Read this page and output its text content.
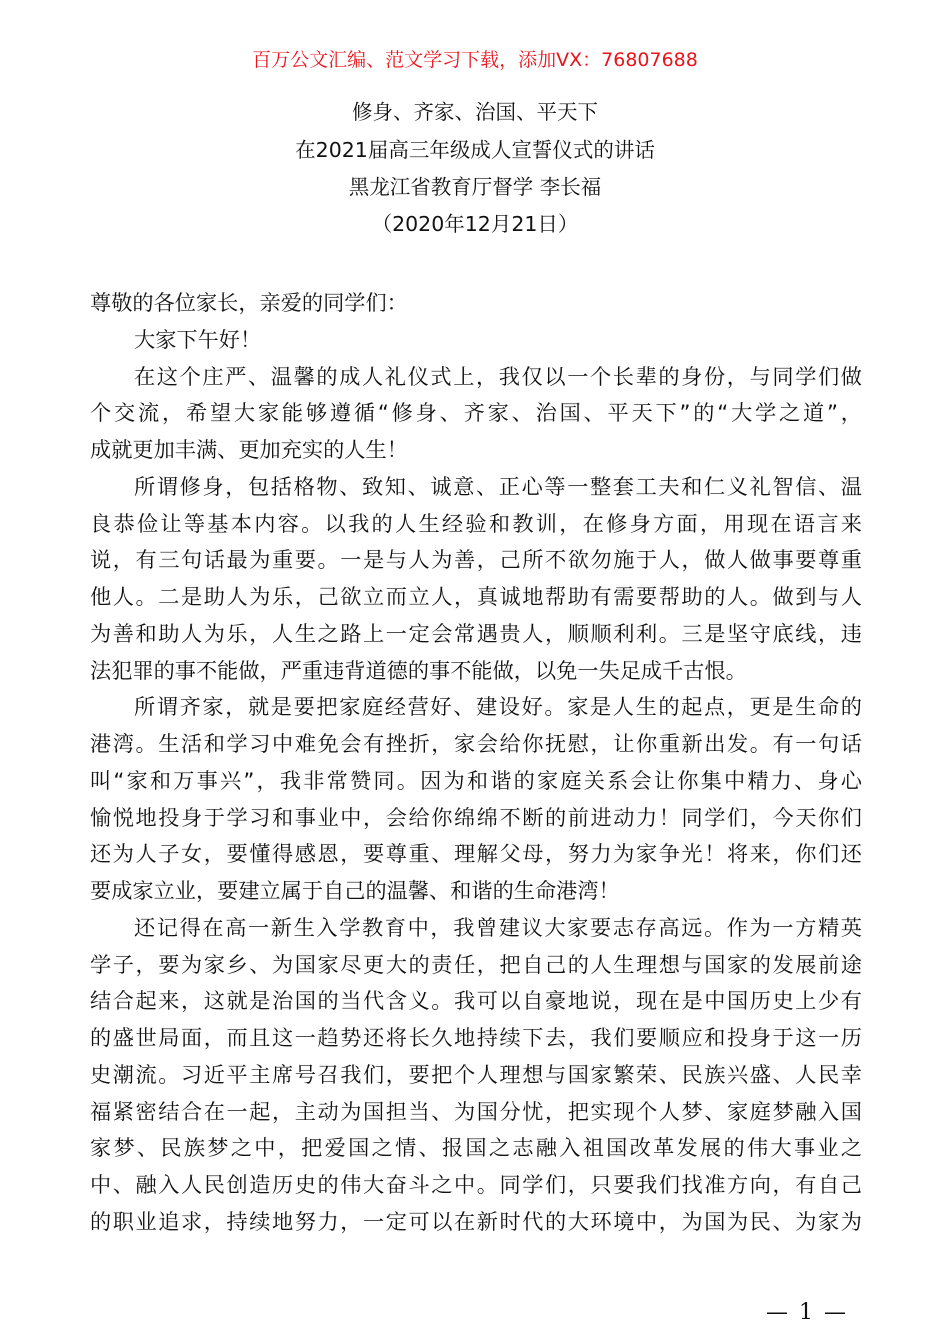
百万公文汇编、范文学习下载，添加VX：76807688
修身、齐家、治国、平天下
在2021届高三年级成人宣誓仪式的讲话
黑龙江省教育厅督学 李长福
（2020年12月21日）
尊敬的各位家长，亲爱的同学们：
大家下午好！
在这个庄严、温馨的成人礼仪式上，我仅以一个长辈的身份，与同学们做
个交流，希望大家能够遵循“修身、齐家、治国、平天下”的“大学之道”，
成就更加丰满、更加充实的人生！
所谓修身，包括格物、致知、诚意、正心等一整套工夫和仁义礼智信、温
良恭俭让等基本内容。以我的人生经验和教训，在修身方面，用现在语言来
说，有三句话最为重要。一是与人为善，己所不欲勿施于人，做人做事要尊重
他人。二是助人为乐，己欲立而立人，真诚地帮助有需要帮助的人。做到与人
为善和助人为乐，人生之路上一定会常遇贵人，顺顺利利。三是坚守底线，违
法犯罪的事不能做，严重违背道德的事不能做，以免一失足成千古恨。
所谓齐家，就是要把家庭经营好、建设好。家是人生的起点，更是生命的
港湾。生活和学习中难免会有挫折，家会给你抚慰，让你重新出发。有一句话
叫“家和万事兴”，我非常赞同。因为和谐的家庭关系会让你集中精力、身心
愉悦地投身于学习和事业中，会给你绵绵不断的前进动力！同学们，今天你们
还为人子女，要懂得感恩，要尊重、理解父母，努力为家争光！将来，你们还
要成家立业，要建立属于自己的温馨、和谐的生命港湾！
还记得在高一新生入学教育中，我曾建议大家要志存高远。作为一方精英
学子，要为家乡、为国家尽更大的责任，把自己的人生理想与国家的发展前途
结合起来，这就是治国的当代含义。我可以自豪地说，现在是中国历史上少有
的盛世局面，而且这一趋势还将长久地持续下去，我们要顺应和投身于这一历
史潮流。习近平主席号召我们，要把个人理想与国家繁荣、民族兴盛、人民幸
福紧密结合在一起，主动为国担当、为国分忧，把实现个人梦、家庭梦融入国
家梦、民族梦之中，把爱国之情、报国之志融入祖国改革发展的伟大事业之
中、融入人民创造历史的伟大奋斗之中。同学们，只要我们找准方向，有自己
的职业追求，持续地努力，一定可以在新时代的大环境中，为国为民、为家为
— 1 —
